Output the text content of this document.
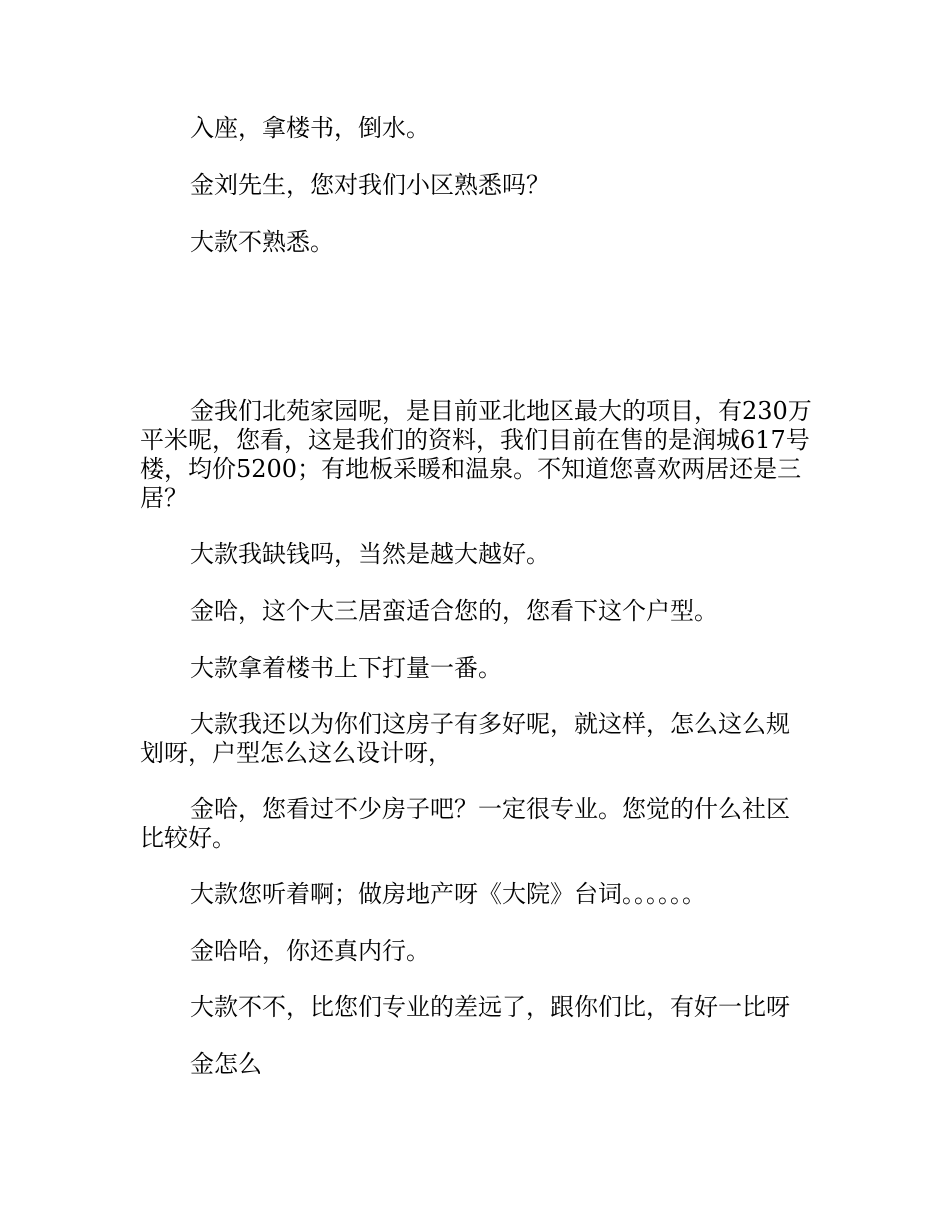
入座，拿楼书，倒水。

金刘先生，您对我们小区熟悉吗？

大款不熟悉。

金我们北苑家园呢，是目前亚北地区最大的项目，有230万平米呢，您看，这是我们的资料，我们目前在售的是润城617号楼，均价5200；有地板采暖和温泉。不知道您喜欢两居还是三居？

大款我缺钱吗，当然是越大越好。

金哈，这个大三居蛮适合您的，您看下这个户型。

大款拿着楼书上下打量一番。

大款我还以为你们这房子有多好呢，就这样，怎么这么规划呀，户型怎么这么设计呀，

金哈，您看过不少房子吧？一定很专业。您觉的什么社区比较好。

大款您听着啊；做房地产呀《大院》台词。。。。。。

金哈哈，你还真内行。

大款不不，比您们专业的差远了，跟你们比，有好一比呀

金怎么
